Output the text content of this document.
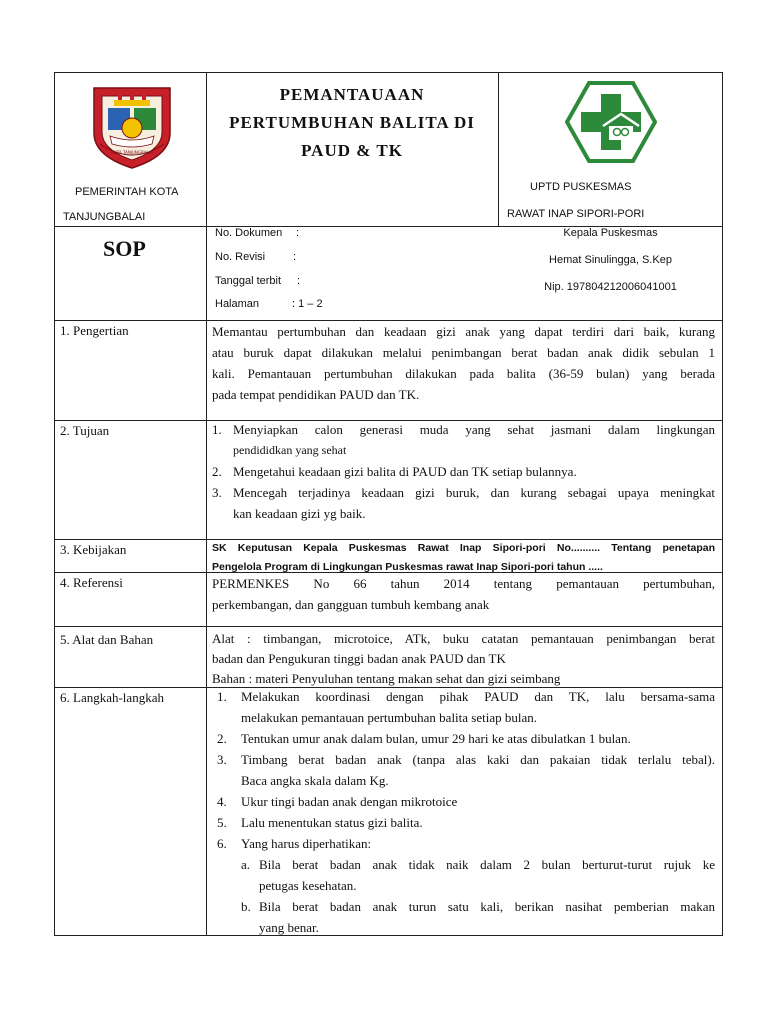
KOTA TANJUNGBALAI
PEMERINTAH KOTA
TANJUNGBALAI
PEMANTAUAAN
PERTUMBUHAN BALITA DI
PAUD & TK
UPTD PUSKESMAS
RAWAT INAP SIPORI-PORI
SOP
No. Dokumen :
No. Revisi	:
Tanggal terbit :
Halaman	: 1 – 2
Kepala Puskesmas
Hemat Sinulingga, S.Kep
Nip. 197804212006041001
1. Pengertian	Memantau pertumbuhan dan keadaan gizi anak yang dapat terdiri dari baik, kurang
atau buruk dapat dilakukan melalui penimbangan berat badan anak didik sebulan 1
kali. Pemantauan pertumbuhan dilakukan pada balita (36-59 bulan) yang berada
pada tempat pendidikan PAUD dan TK.
2. Tujuan	1. Menyiapkan calon generasi muda yang sehat jasmani dalam lingkungan
pendididkan yang sehat
2. Mengetahui keadaan gizi balita di PAUD dan TK setiap bulannya.
3. Mencegah terjadinya keadaan gizi buruk, dan kurang sebagai upaya meningkat
kan keadaan gizi yg baik.
3. Kebijakan	SK Keputusan Kepala Puskesmas Rawat Inap Sipori-pori No.......... Tentang penetapan
Pengelola Program di Lingkungan Puskesmas rawat Inap Sipori-pori tahun .....
4. Referensi	PERMENKES No 66 tahun 2014 tentang pemantauan pertumbuhan,
perkembangan, dan gangguan tumbuh kembang anak
5. Alat dan Bahan	Alat : timbangan, microtoice, ATk, buku catatan pemantauan penimbangan berat
badan dan Pengukuran tinggi badan anak PAUD dan TK
Bahan : materi Penyuluhan tentang makan sehat dan gizi seimbang
6. Langkah-langkah	1. Melakukan koordinasi dengan pihak PAUD dan TK, lalu bersama-sama
melakukan pemantauan pertumbuhan balita setiap bulan.
2. Tentukan umur anak dalam bulan, umur 29 hari ke atas dibulatkan 1 bulan.
3. Timbang berat badan anak (tanpa alas kaki dan pakaian tidak terlalu tebal).
Baca angka skala dalam Kg.
4. Ukur tingi badan anak dengan mikrotoice
5. Lalu menentukan status gizi balita.
6. Yang harus diperhatikan:
a. Bila berat badan anak tidak naik dalam 2 bulan berturut-turut rujuk ke
petugas kesehatan.
b. Bila berat badan anak turun satu kali, berikan nasihat pemberian makan
yang benar.
